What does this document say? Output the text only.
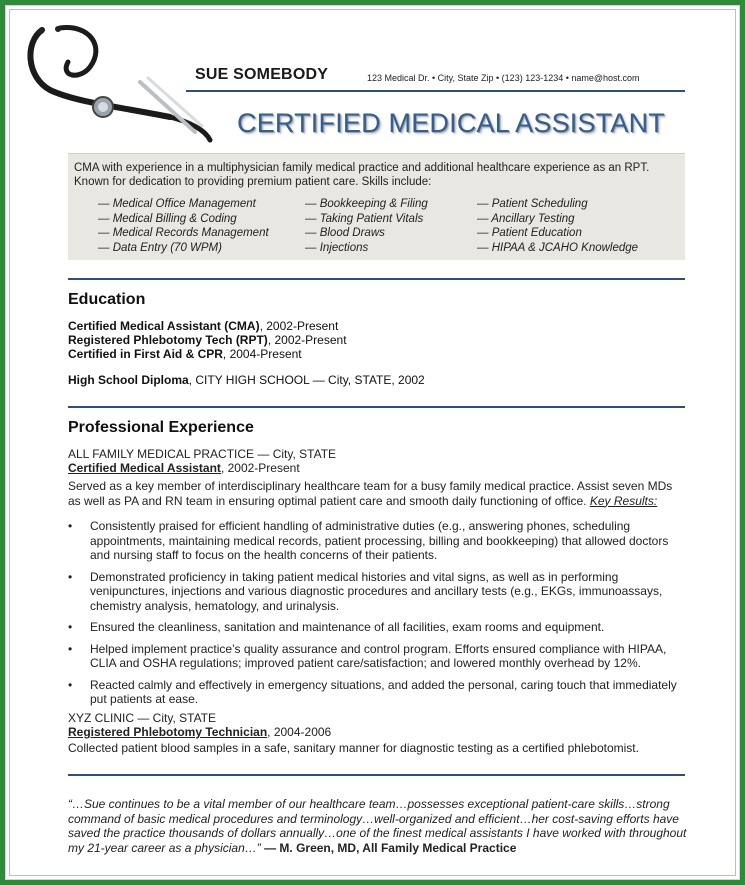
SUE SOMEBODY	123 Medical Dr. • City, State Zip • (123) 123-1234 • name@host.com
CERTIFIED MEDICAL ASSISTANT
CMA with experience in a multiphysician family medical practice and additional healthcare experience as an RPT. Known for dedication to providing premium patient care. Skills include:
— Medical Office Management
— Medical Billing & Coding
— Medical Records Management
— Data Entry (70 WPM)
— Bookkeeping & Filing
— Taking Patient Vitals
— Blood Draws
— Injections
— Patient Scheduling
— Ancillary Testing
— Patient Education
— HIPAA & JCAHO Knowledge
Education
Certified Medical Assistant (CMA), 2002-Present
Registered Phlebotomy Tech (RPT), 2002-Present
Certified in First Aid & CPR, 2004-Present
High School Diploma, CITY HIGH SCHOOL — City, STATE, 2002
Professional Experience
ALL FAMILY MEDICAL PRACTICE — City, STATE
Certified Medical Assistant, 2002-Present
Served as a key member of interdisciplinary healthcare team for a busy family medical practice. Assist seven MDs as well as PA and RN team in ensuring optimal patient care and smooth daily functioning of office. Key Results:
• Consistently praised for efficient handling of administrative duties (e.g., answering phones, scheduling appointments, maintaining medical records, patient processing, billing and bookkeeping) that allowed doctors and nursing staff to focus on the health concerns of their patients.
• Demonstrated proficiency in taking patient medical histories and vital signs, as well as in performing venipunctures, injections and various diagnostic procedures and ancillary tests (e.g., EKGs, immunoassays, chemistry analysis, hematology, and urinalysis.
• Ensured the cleanliness, sanitation and maintenance of all facilities, exam rooms and equipment.
• Helped implement practice’s quality assurance and control program. Efforts ensured compliance with HIPAA, CLIA and OSHA regulations; improved patient care/satisfaction; and lowered monthly overhead by 12%.
• Reacted calmly and effectively in emergency situations, and added the personal, caring touch that immediately put patients at ease.
XYZ CLINIC — City, STATE
Registered Phlebotomy Technician, 2004-2006
Collected patient blood samples in a safe, sanitary manner for diagnostic testing as a certified phlebotomist.
“…Sue continues to be a vital member of our healthcare team…possesses exceptional patient-care skills…strong command of basic medical procedures and terminology…well-organized and efficient…her cost-saving efforts have saved the practice thousands of dollars annually…one of the finest medical assistants I have worked with throughout my 21-year career as a physician…” — M. Green, MD, All Family Medical Practice
